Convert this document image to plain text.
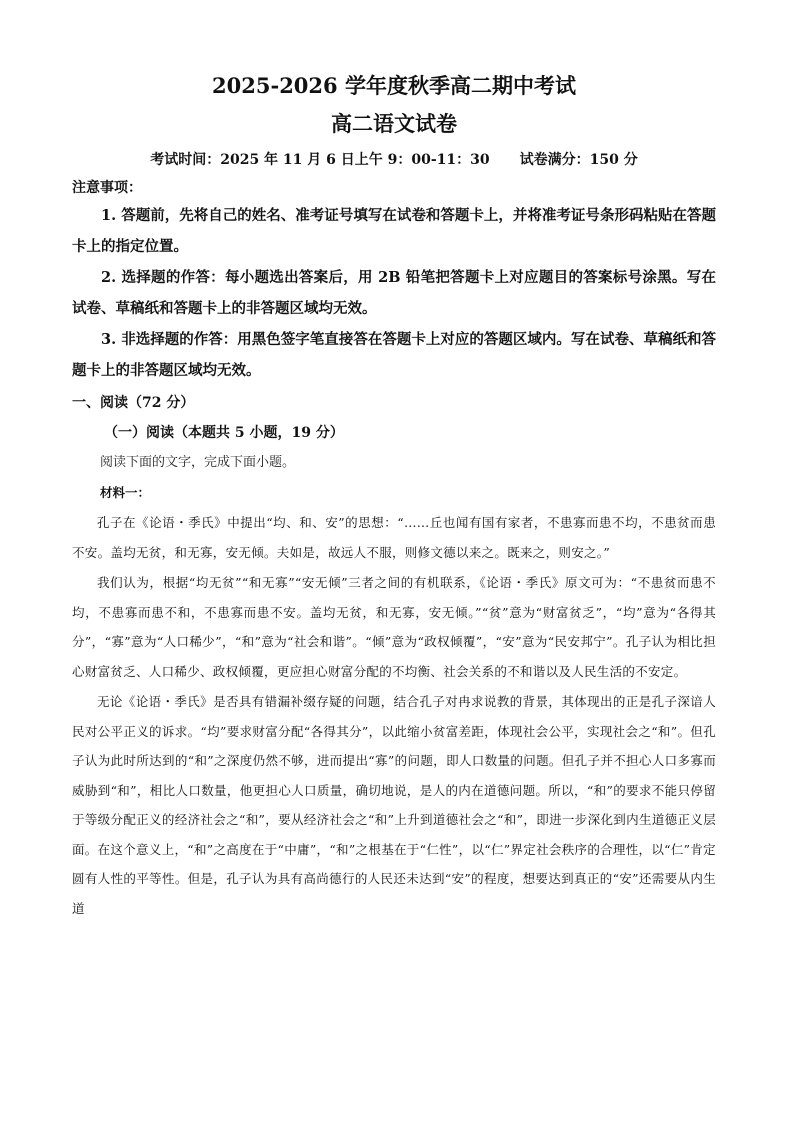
2025-2026 学年度秋季高二期中考试
高二语文试卷

考试时间：2025 年 11 月 6 日上午 9：00-11：30 试卷满分：150 分

注意事项：

1. 答题前，先将自己的姓名、准考证号填写在试卷和答题卡上，并将准考证号条形码粘贴在答题卡上的指定位置。

2. 选择题的作答：每小题选出答案后，用 2B 铅笔把答题卡上对应题目的答案标号涂黑。写在试卷、草稿纸和答题卡上的非答题区域均无效。

3. 非选择题的作答：用黑色签字笔直接答在答题卡上对应的答题区域内。写在试卷、草稿纸和答题卡上的非答题区域均无效。

一、阅读（72 分）

（一）阅读（本题共 5 小题，19 分）

阅读下面的文字，完成下面小题。

材料一：

孔子在《论语・季氏》中提出“均、和、安”的思想：“……丘也闻有国有家者，不患寡而患不均，不患贫而患不安。盖均无贫，和无寡，安无倾。夫如是，故远人不服，则修文德以来之。既来之，则安之。”

我们认为，根据“均无贫”“和无寡”“安无倾”三者之间的有机联系，《论语・季氏》原文可为：“不患贫而患不均，不患寡而患不和，不患寡而患不安。盖均无贫，和无寡，安无倾。”“贫”意为“财富贫乏”，“均”意为“各得其分”，“寡”意为“人口稀少”，“和”意为“社会和谐”。“倾”意为“政权倾覆”，“安”意为“民安邦宁”。孔子认为相比担心财富贫乏、人口稀少、政权倾覆，更应担心财富分配的不均衡、社会关系的不和谐以及人民生活的不安定。

无论《论语・季氏》是否具有错漏补缀存疑的问题，结合孔子对冉求说教的背景，其体现出的正是孔子深谙人民对公平正义的诉求。“均”要求财富分配“各得其分”，以此缩小贫富差距，体现社会公平，实现社会之“和”。但孔子认为此时所达到的“和”之深度仍然不够，进而提出“寡”的问题，即人口数量的问题。但孔子并不担心人口多寡而威胁到“和”，相比人口数量，他更担心人口质量，确切地说，是人的内在道德问题。所以，“和”的要求不能只停留于等级分配正义的经济社会之“和”，要从经济社会之“和”上升到道德社会之“和”，即进一步深化到内生道德正义层面。在这个意义上，“和”之高度在于“中庸”，“和”之根基在于“仁性”，以“仁”界定社会秩序的合理性，以“仁”肯定圆有人性的平等性。但是，孔子认为具有高尚德行的人民还未达到“安”的程度，想要达到真正的“安”还需要从内生道
